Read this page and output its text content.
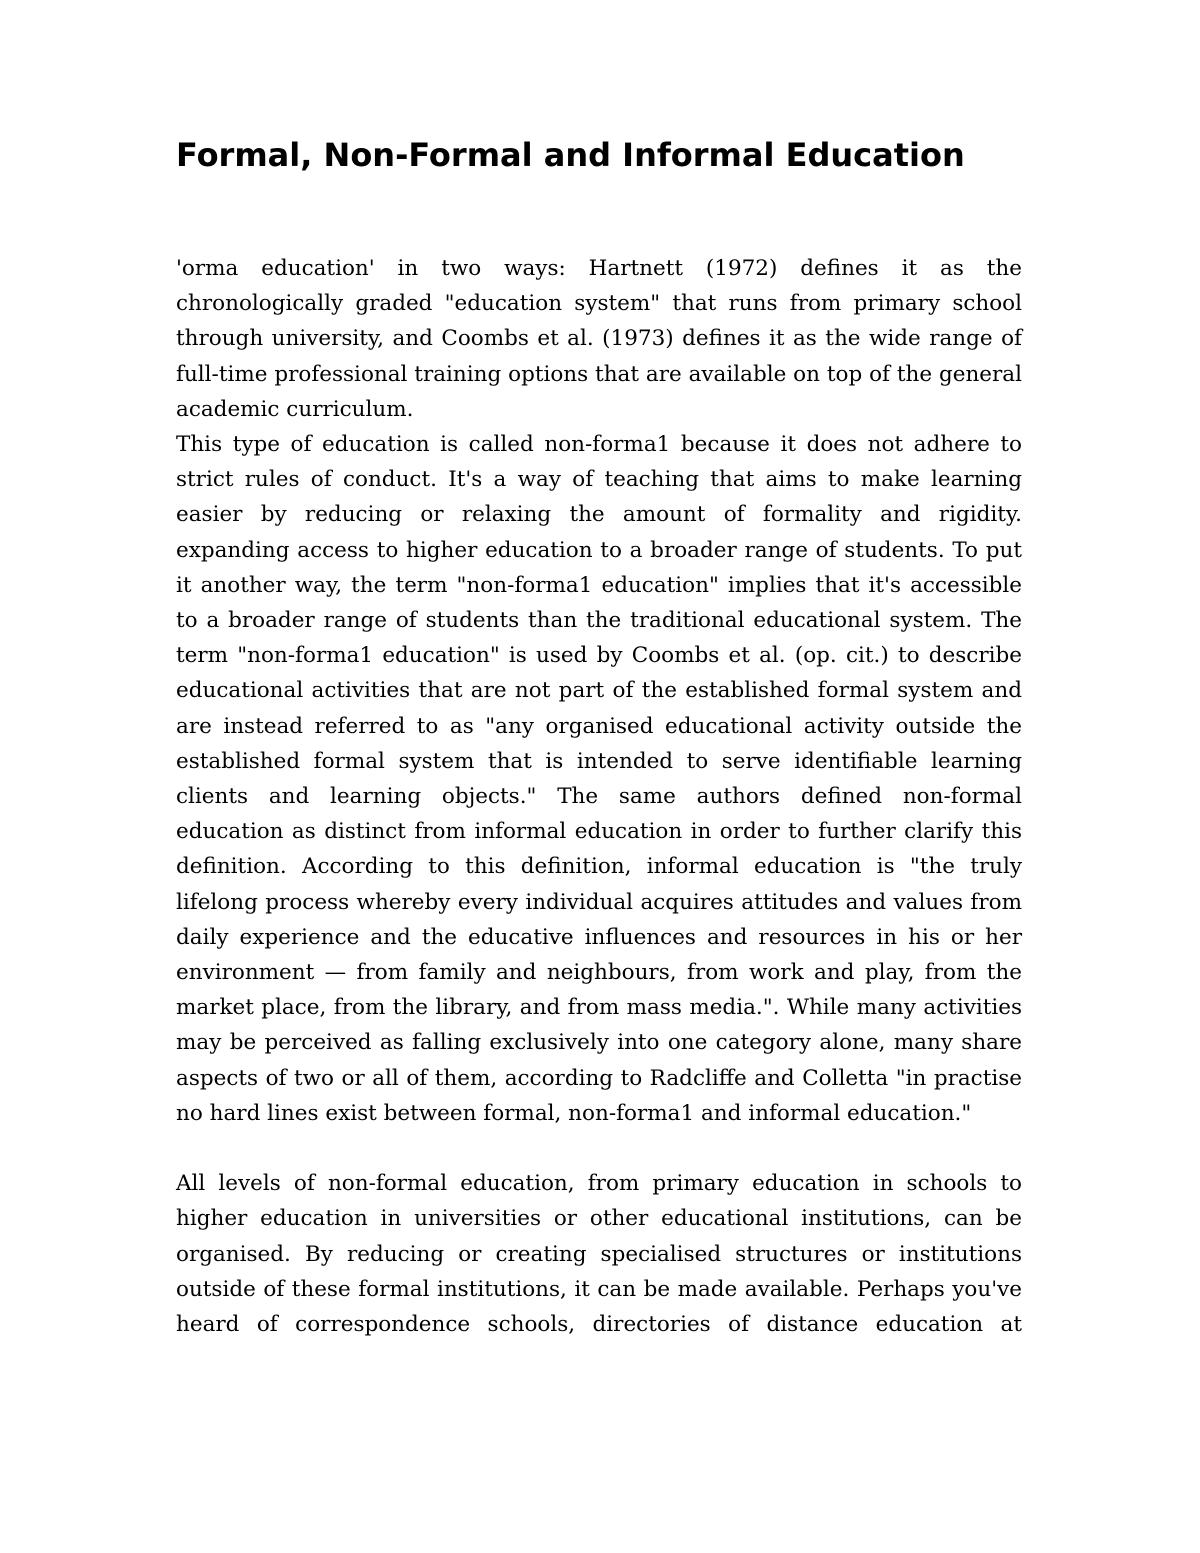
Formal, Non-Formal and Informal Education

'orma education' in two ways: Hartnett (1972) defines it as the chronologically graded "education system" that runs from primary school through university, and Coombs et al. (1973) defines it as the wide range of full-time professional training options that are available on top of the general academic curriculum.

This type of education is called non-forma1 because it does not adhere to strict rules of conduct. It's a way of teaching that aims to make learning easier by reducing or relaxing the amount of formality and rigidity. expanding access to higher education to a broader range of students. To put it another way, the term "non-forma1 education" implies that it's accessible to a broader range of students than the traditional educational system. The term "non-forma1 education" is used by Coombs et al. (op. cit.) to describe educational activities that are not part of the established formal system and are instead referred to as "any organised educational activity outside the established formal system that is intended to serve identifiable learning clients and learning objects." The same authors defined non-formal education as distinct from informal education in order to further clarify this definition. According to this definition, informal education is "the truly lifelong process whereby every individual acquires attitudes and values from daily experience and the educative influences and resources in his or her environment — from family and neighbours, from work and play, from the market place, from the library, and from mass media.". While many activities may be perceived as falling exclusively into one category alone, many share aspects of two or all of them, according to Radcliffe and Colletta "in practise no hard lines exist between formal, non-forma1 and informal education."

All levels of non-formal education, from primary education in schools to higher education in universities or other educational institutions, can be organised. By reducing or creating specialised structures or institutions outside of these formal institutions, it can be made available. Perhaps you've heard of correspondence schools, directories of distance education at
